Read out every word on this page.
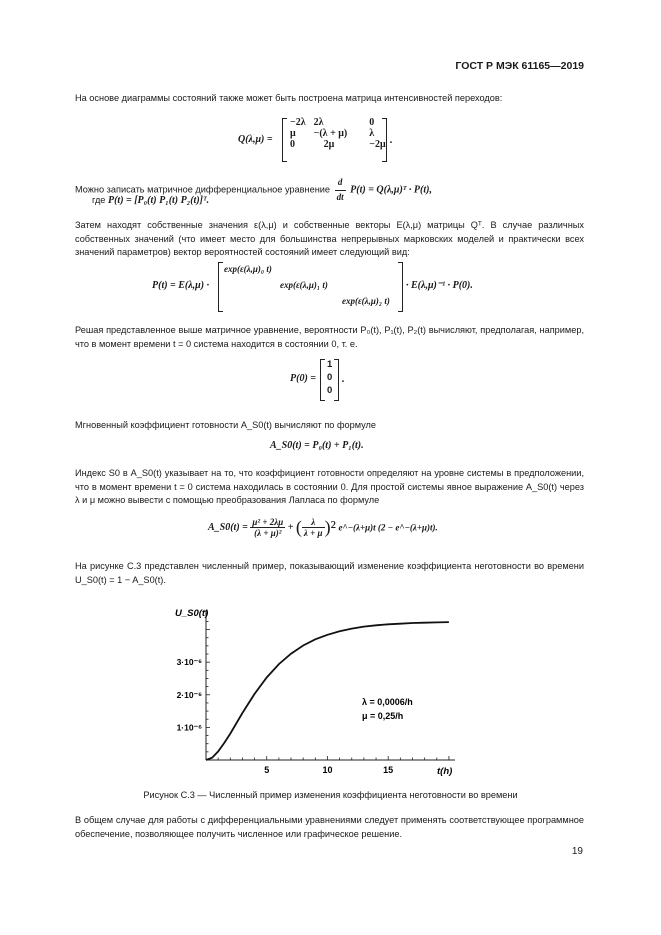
ГОСТ Р МЭК 61165—2019
На основе диаграммы состояний также может быть построена матрица интенсивностей переходов:
Q(λ,μ) =
−2λ	2λ	0
μ	−(λ + μ)	λ
0	2μ	−2μ .
Можно записать матричное дифференциальное уравнение $\frac{d}{dt} P(t)$ = Q(λ,μ)ᵀ · P(t),
где P(t) = [P₀(t) P₁(t) P₂(t)]ᵀ.
Затем находят собственные значения ε(λ,μ) и собственные векторы E(λ,μ) матрицы Qᵀ. В случае различных собственных значений (что имеет место для большинства непрерывных марковских моделей и практически всех значений параметров) вектор вероятностей состояний имеет следующий вид:
P(t) = E(λ,μ) ·
exp(ε(λ,μ)₀ t)
exp(ε(λ,μ)₁ t)
exp(ε(λ,μ)₂ t)
· E(λ,μ)⁻¹ · P(0).
Решая представленное выше матричное уравнение, вероятности P₀(t), P₁(t), P₂(t) вычисляют, предполагая, например, что в момент времени t = 0 система находится в состоянии 0, т. е.
P(0) =
1
0
0
.
Мгновенный коэффициент готовности A_S0(t) вычисляют по формуле
A_S0(t) = P₀(t) + P₁(t).
Индекс S0 в A_S0(t) указывает на то, что коэффициент готовности определяют на уровне системы в предположении, что в момент времени t = 0 система находилась в состоянии 0. Для простой системы явное выражение A_S0(t) через λ и μ можно вывести с помощью преобразования Лапласа по формуле
A_S0(t) = $\frac{\text{μ² + 2λμ}}{\text{(λ + μ)²}}$ + ( $\frac{\lambda}{\lambda + \mu} )^2$ e^−(λ+μ)t (2 − e^−(λ+μ)t).
На рисунке С.3 представлен численный пример, показывающий изменение коэффициента неготовности во времени U_S0(t) = 1 − A_S0(t).
5	10	15
1·10⁻⁶
2·10⁻⁶
3·10⁻⁶
U_S0(t)
t(h)
λ = 0,0006/h
μ = 0,25/h
Рисунок С.3 — Численный пример изменения коэффициента неготовности во времени
В общем случае для работы с дифференциальными уравнениями следует применять соответствующее программное обеспечение, позволяющее получить численное или графическое решение.
19
